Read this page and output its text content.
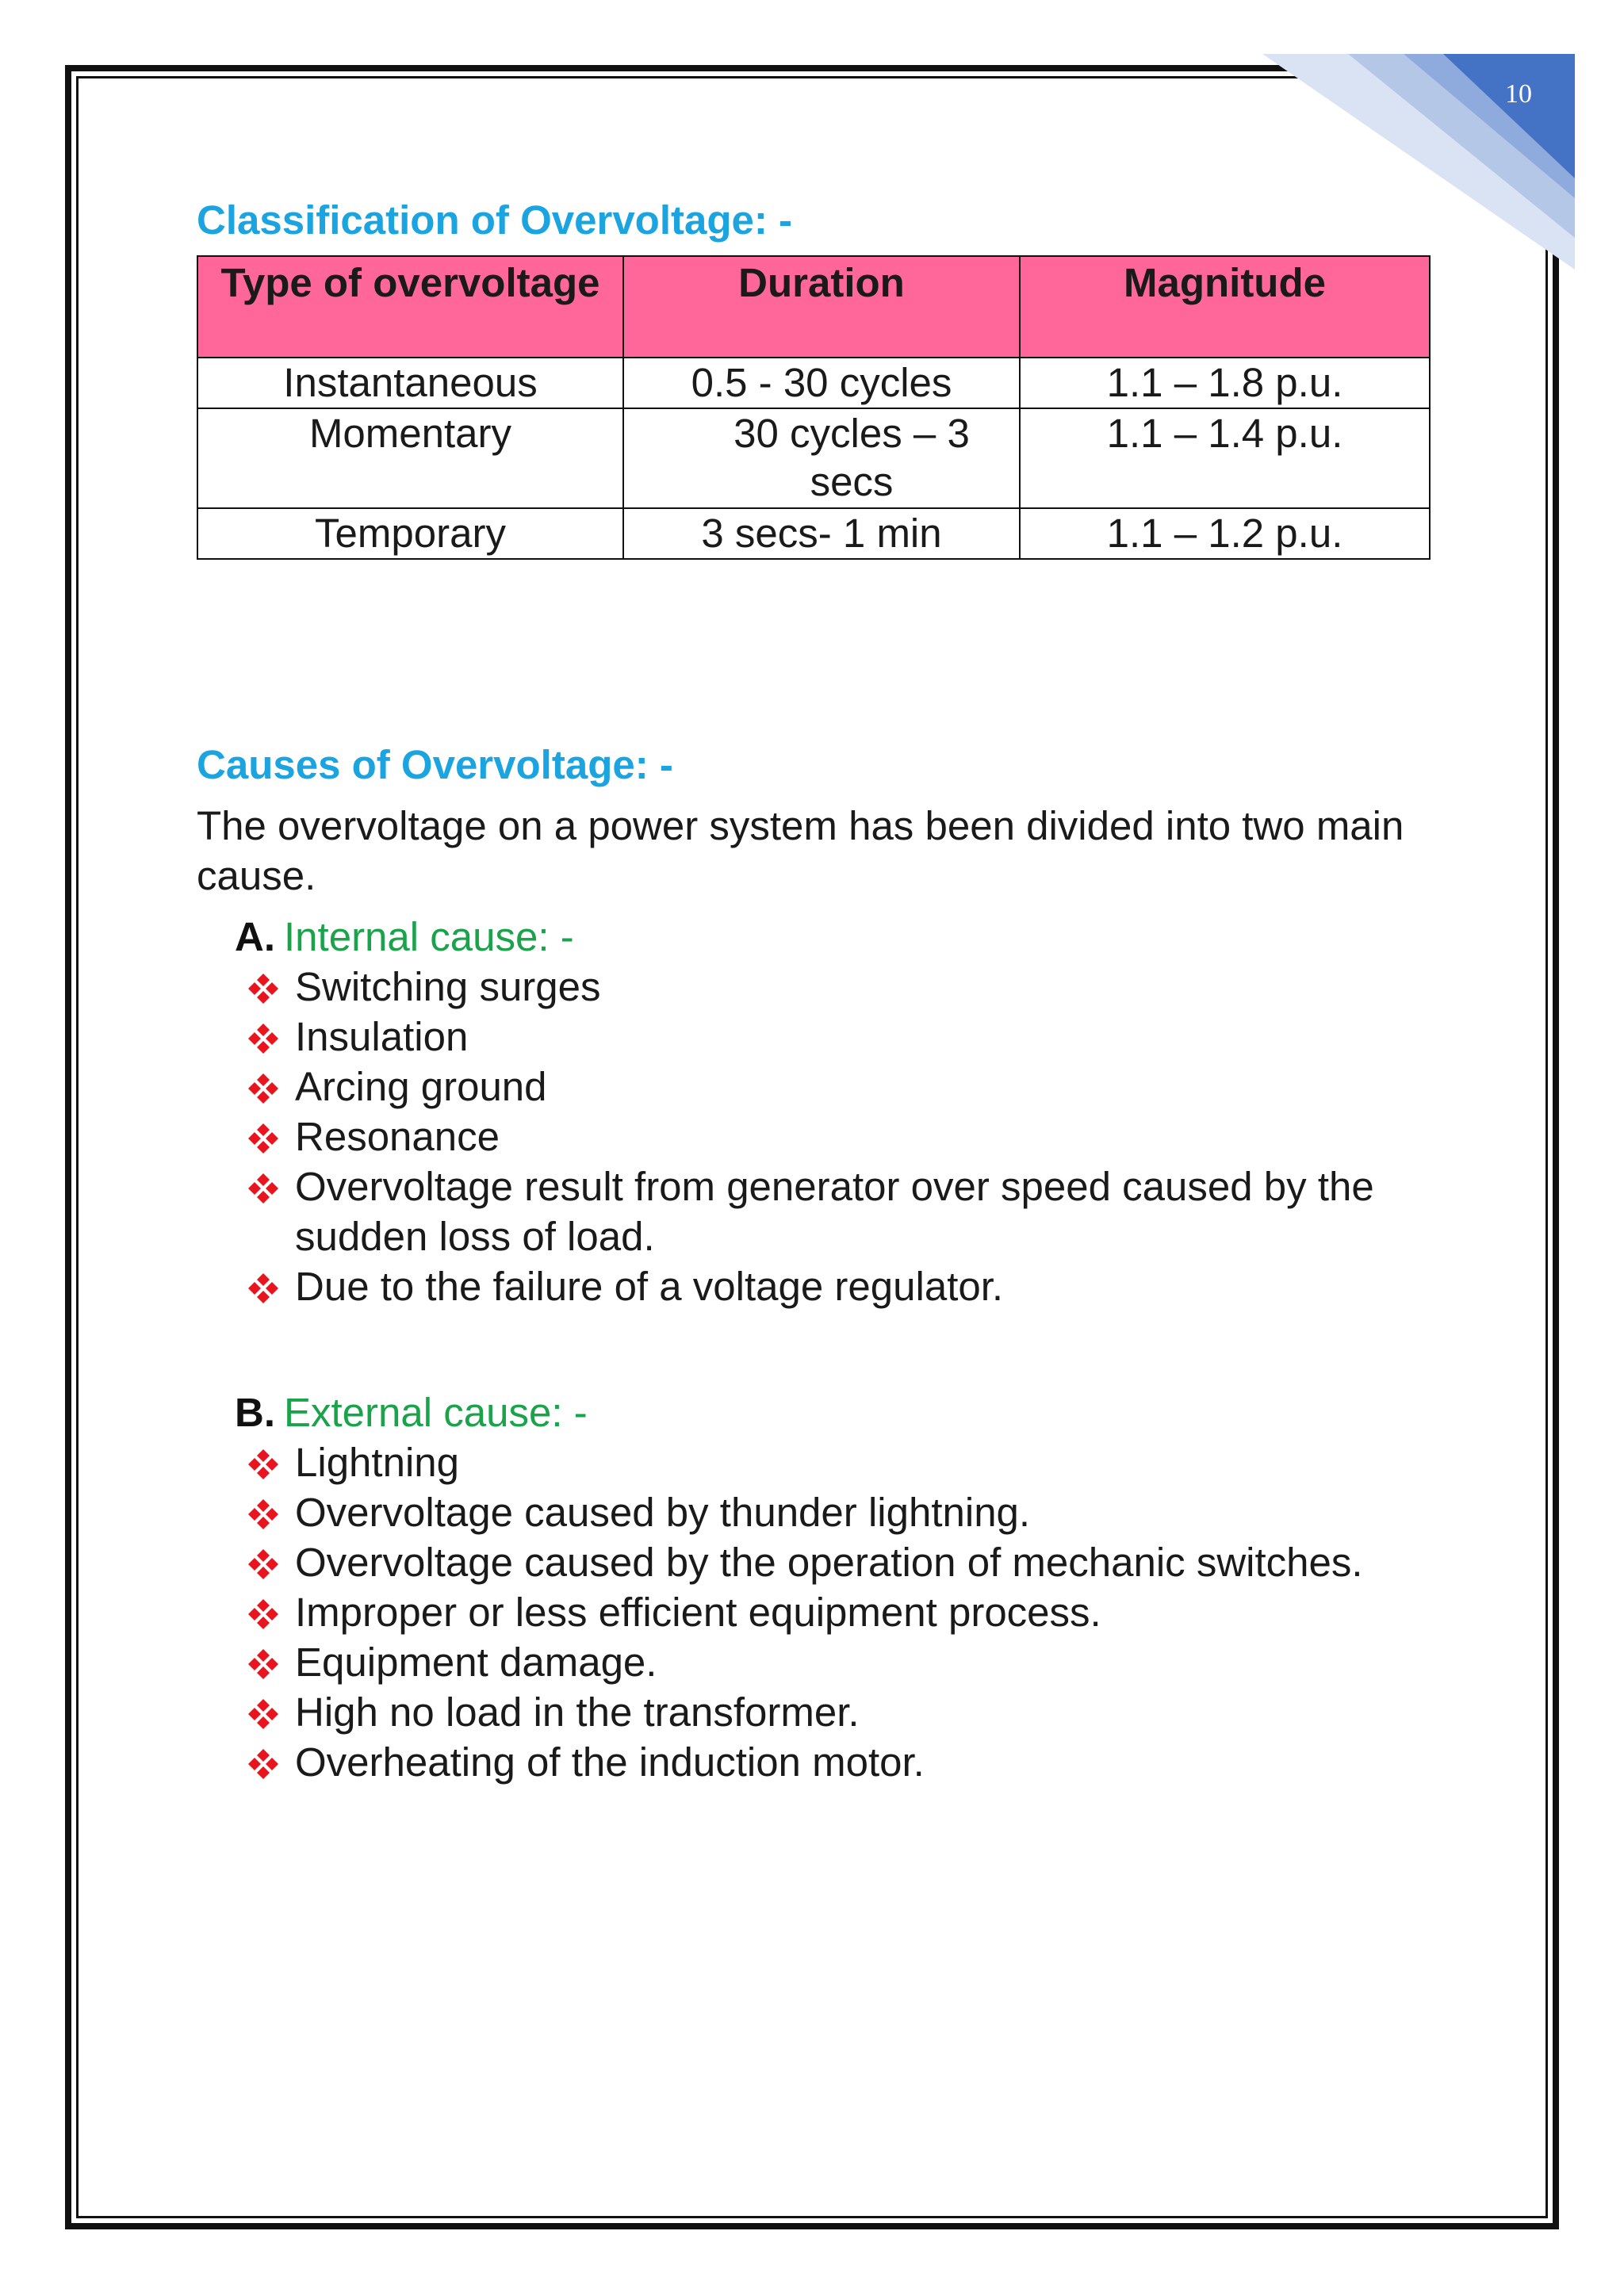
10
Classification of Overvoltage: -
Type of overvoltage	Duration	Magnitude
Instantaneous	0.5 - 30 cycles	1.1 – 1.8 p.u.
Momentary	30 cycles – 3 secs	1.1 – 1.4 p.u.
Temporary	3 secs- 1 min	1.1 – 1.2 p.u.
Causes of Overvoltage: -
The overvoltage on a power system has been divided into two main cause.
A. Internal cause: -
Switching surges
Insulation
Arcing ground
Resonance
Overvoltage result from generator over speed caused by the sudden loss of load.
Due to the failure of a voltage regulator.
B. External cause: -
Lightning
Overvoltage caused by thunder lightning.
Overvoltage caused by the operation of mechanic switches.
Improper or less efficient equipment process.
Equipment damage.
High no load in the transformer.
Overheating of the induction motor.
